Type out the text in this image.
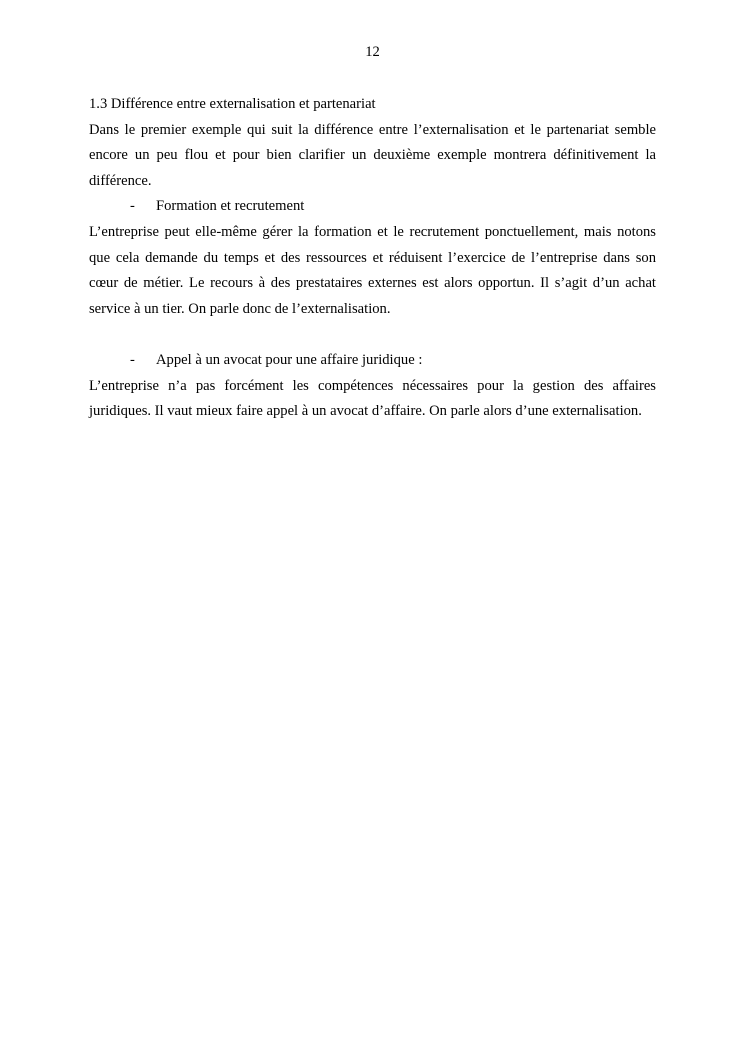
12
1.3 Différence entre externalisation et partenariat

Dans le premier exemple qui suit la différence entre l’externalisation et le partenariat semble encore un peu flou et pour bien clarifier un deuxième exemple montrera définitivement la différence.

-	Formation et recrutement

L’entreprise peut elle-même gérer la formation et le recrutement ponctuellement, mais notons que cela demande du temps et des ressources et réduisent l’exercice de l’entreprise dans son cœur de métier. Le recours à des prestataires externes est alors opportun. Il s’agit d’un achat service à un tier. On parle donc de l’externalisation.

-	Appel à un avocat pour une affaire juridique :

L’entreprise n’a pas forcément les compétences nécessaires pour la gestion des affaires juridiques. Il vaut mieux faire appel à un avocat d’affaire. On parle alors d’une externalisation.
